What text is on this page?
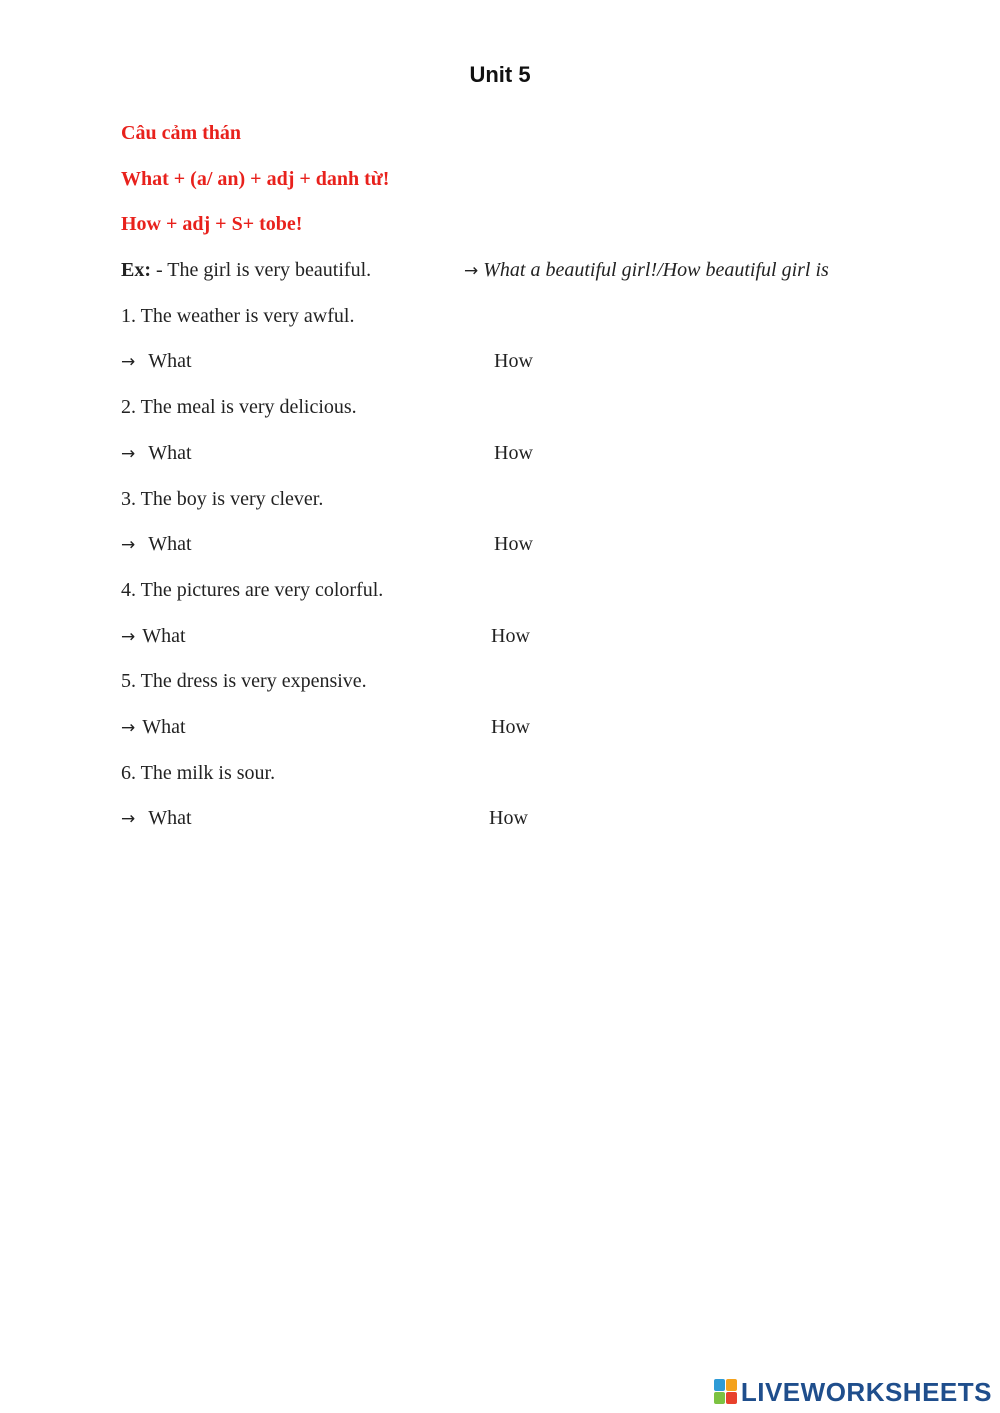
Unit 5
Câu cảm thán
What + (a/ an) + adj + danh từ!
How + adj + S+ tobe!
Ex: - The girl is very beautiful.	→ What a beautiful girl!/How beautiful girl is
1. The weather is very awful.
→ What	How
2. The meal is very delicious.
→ What	How
3. The boy is very clever.
→ What	How
4. The pictures are very colorful.
→ What	How
5. The dress is very expensive.
→ What	How
6. The milk is sour.
→ What	How
LIVEWORKSHEETS
